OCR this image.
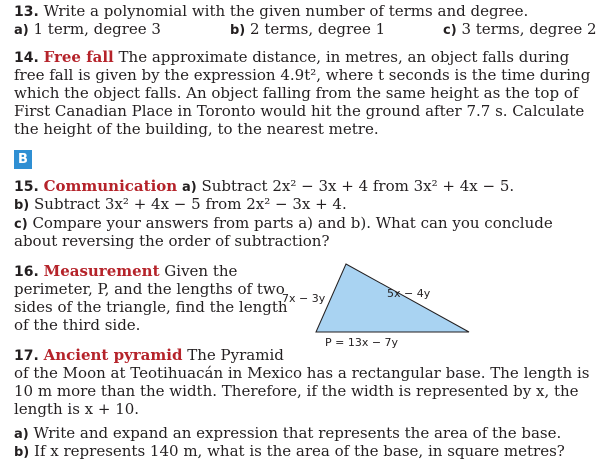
13. Write a polynomial with the given number of terms and degree.
a) 1 term, degree 3	b) 2 terms, degree 1	c) 3 terms, degree 2
14. Free fall The approximate distance, in metres, an object falls during
free fall is given by the expression 4.9t², where t seconds is the time during
which the object falls. An object falling from the same height as the top of
First Canadian Place in Toronto would hit the ground after 7.7 s. Calculate
the height of the building, to the nearest metre.
B
15. Communication a) Subtract 2x² − 3x + 4 from 3x² + 4x − 5.
b) Subtract 3x² + 4x − 5 from 2x² − 3x + 4.
c) Compare your answers from parts a) and b). What can you conclude
about reversing the order of subtraction?
16. Measurement Given the
perimeter, P, and the lengths of two
sides of the triangle, find the length
of the third side.
7x − 3y	5x − 4y
P = 13x − 7y
17. Ancient pyramid The Pyramid
of the Moon at Teotihuacán in Mexico has a rectangular base. The length is
10 m more than the width. Therefore, if the width is represented by x, the
length is x + 10.
a) Write and expand an expression that represents the area of the base.
b) If x represents 140 m, what is the area of the base, in square metres?
